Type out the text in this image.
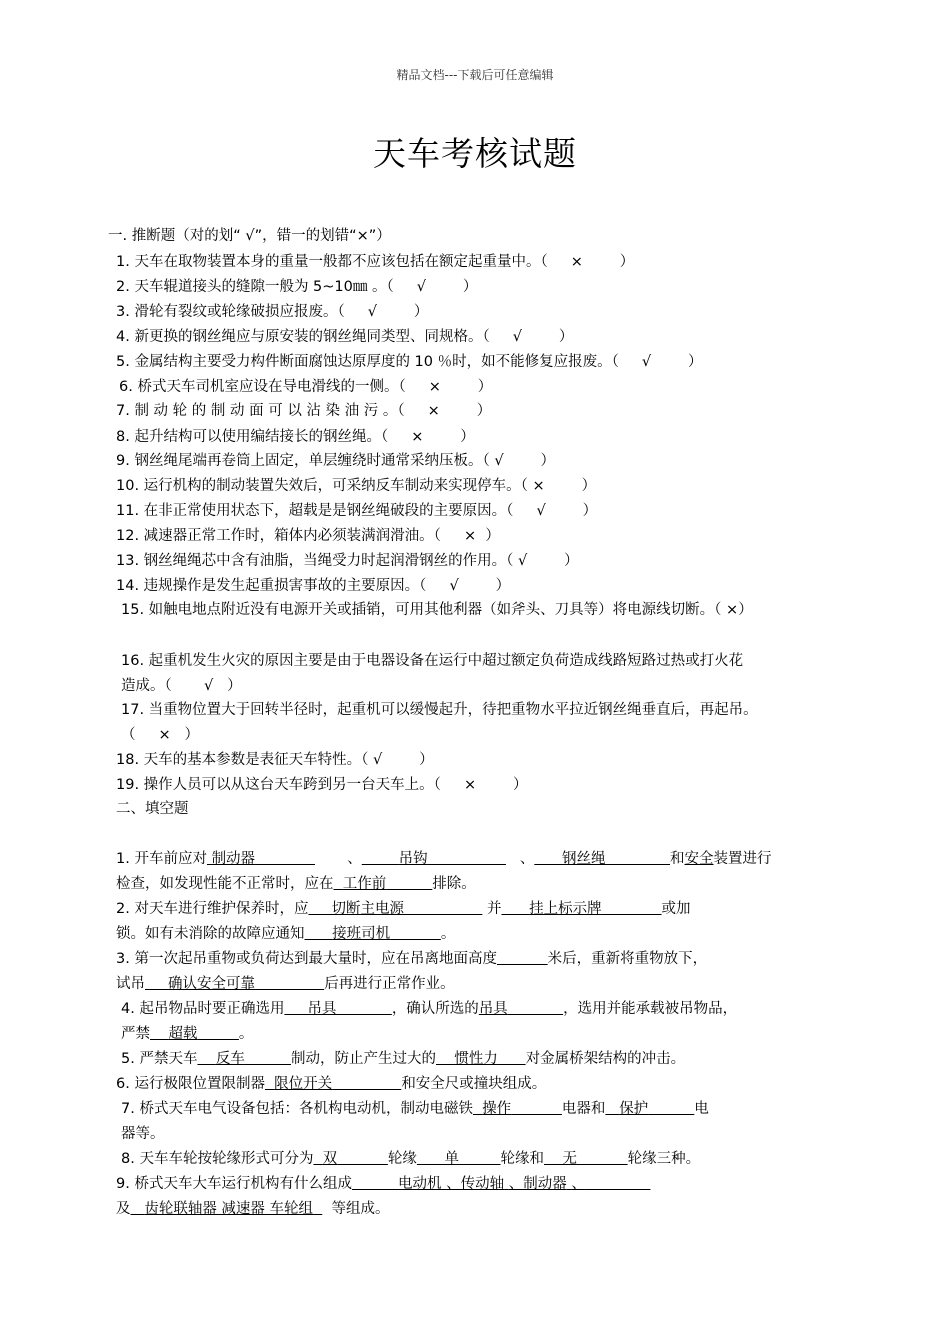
精品文档---下载后可任意编辑
天车考核试题
一. 推断题（对的划“ √”，错一的划错“×”）
1. 天车在取物装置本身的重量一般都不应该包括在额定起重量中。（ ×	）
2. 天车辊道接头的缝隙一般为 5~10㎜ 。（ √	）
3. 滑轮有裂纹或轮缘破损应报废。（ √	）
4. 新更换的钢丝绳应与原安装的钢丝绳同类型、同规格。（ √	）
5. 金属结构主要受力构件断面腐蚀达原厚度的 10 ％时，如不能修复应报废。（ √	）
6. 桥式天车司机室应设在导电滑线的一侧。（ ×	）
7. 制 动 轮 的 制 动 面 可 以 沾 染 油 污 。（ ×	）
8. 起升结构可以使用编结接长的钢丝绳。（ ×	）
9. 钢丝绳尾端再卷筒上固定，单层缠绕时通常采纳压板。（ √	）
10. 运行机构的制动装置失效后，可采纳反车制动来实现停车。（ ×	）
11. 在非正常使用状态下，超载是是钢丝绳破段的主要原因。（ √	）
12. 减速器正常工作时，箱体内必须装满润滑油。（ × ）
13. 钢丝绳绳芯中含有油脂，当绳受力时起润滑钢丝的作用。（ √	）
14. 违规操作是发生起重损害事故的主要原因。（ √	）
15. 如触电地点附近没有电源开关或插销，可用其他利器（如斧头、刀具等）将电源线切断。（ ×）
造成。（ √ ）
16. 起重机发生火灾的原因主要是由于电器设备在运行中超过额定负荷造成线路短路过热或打火花
（ × ）
17. 当重物位置大于回转半径时，起重机可以缓慢起升，待把重物水平拉近钢丝绳垂直后，再起吊。
18. 天车的基本参数是表征天车特性。（ √	）
19. 操作人员可以从这台天车跨到另一台天车上。（ ×	）
二、填空题
1. 开车前应对 制动器	、	吊钩	、 钢丝绳	和安全装置进行
检查，如发现性能不正常时，应在 工作前	排除。
2. 对天车进行维护保养时，应 切断主电源	并 挂上标示牌	或加
锁。如有未消除的故障应通知 接班司机	。
3. 第一次起吊重物或负荷达到最大量时，应在吊离地面高度	米后，重新将重物放下，
试吊 确认安全可靠	后再进行正常作业。
4. 起吊物品时要正确选用 吊具	，确认所选的吊具	，选用并能承载被吊物品，
严禁 超载	。
5. 严禁天车 反车	制动，防止产生过大的 惯性力 对金属桥架结构的冲击。
6. 运行极限位置限制器 限位开关	和安全尺或撞块组成。
7. 桥式天车电气设备包括：各机构电动机，制动电磁铁 操作	电器和 保护	电
器等。
8. 天车车轮按轮缘形式可分为 双	轮缘 单	轮缘和 无	轮缘三种。
9. 桥式天车大车运行机构有什么组成	电动机 、传动轴 、制动器 、
及 齿轮联轴器 减速器 车轮组 等组成。
